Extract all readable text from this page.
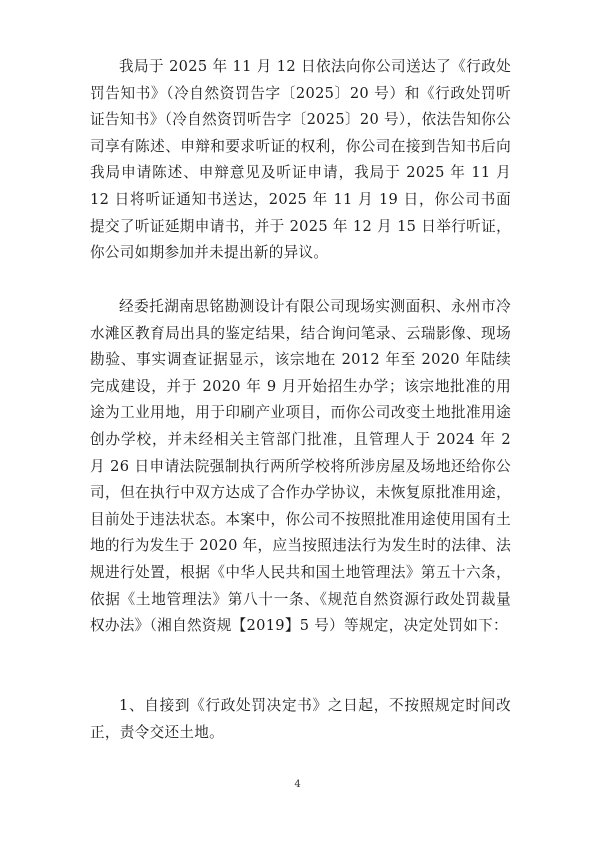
我局于 2025 年 11 月 12 日依法向你公司送达了《行政处罚告知书》（冷自然资罚告字〔2025〕20 号）和《行政处罚听证告知书》（冷自然资罚听告字〔2025〕20 号），依法告知你公司享有陈述、申辩和要求听证的权利，你公司在接到告知书后向我局申请陈述、申辩意见及听证申请，我局于 2025 年 11 月 12 日将听证通知书送达，2025 年 11 月 19 日，你公司书面提交了听证延期申请书，并于 2025 年 12 月 15 日举行听证，你公司如期参加并未提出新的异议。

经委托湖南思铭勘测设计有限公司现场实测面积、永州市冷水滩区教育局出具的鉴定结果，结合询问笔录、云瑞影像、现场勘验、事实调查证据显示，该宗地在 2012 年至 2020 年陆续完成建设，并于 2020 年 9 月开始招生办学；该宗地批准的用途为工业用地，用于印刷产业项目，而你公司改变土地批准用途创办学校，并未经相关主管部门批准，且管理人于 2024 年 2 月 26 日申请法院强制执行两所学校将所涉房屋及场地还给你公司，但在执行中双方达成了合作办学协议，未恢复原批准用途，目前处于违法状态。本案中，你公司不按照批准用途使用国有土地的行为发生于 2020 年，应当按照违法行为发生时的法律、法规进行处置，根据《中华人民共和国土地管理法》第五十六条，依据《土地管理法》第八十一条、《规范自然资源行政处罚裁量权办法》（湘自然资规【2019】5 号）等规定，决定处罚如下：

1、自接到《行政处罚决定书》之日起，不按照规定时间改正，责令交还土地。

4
